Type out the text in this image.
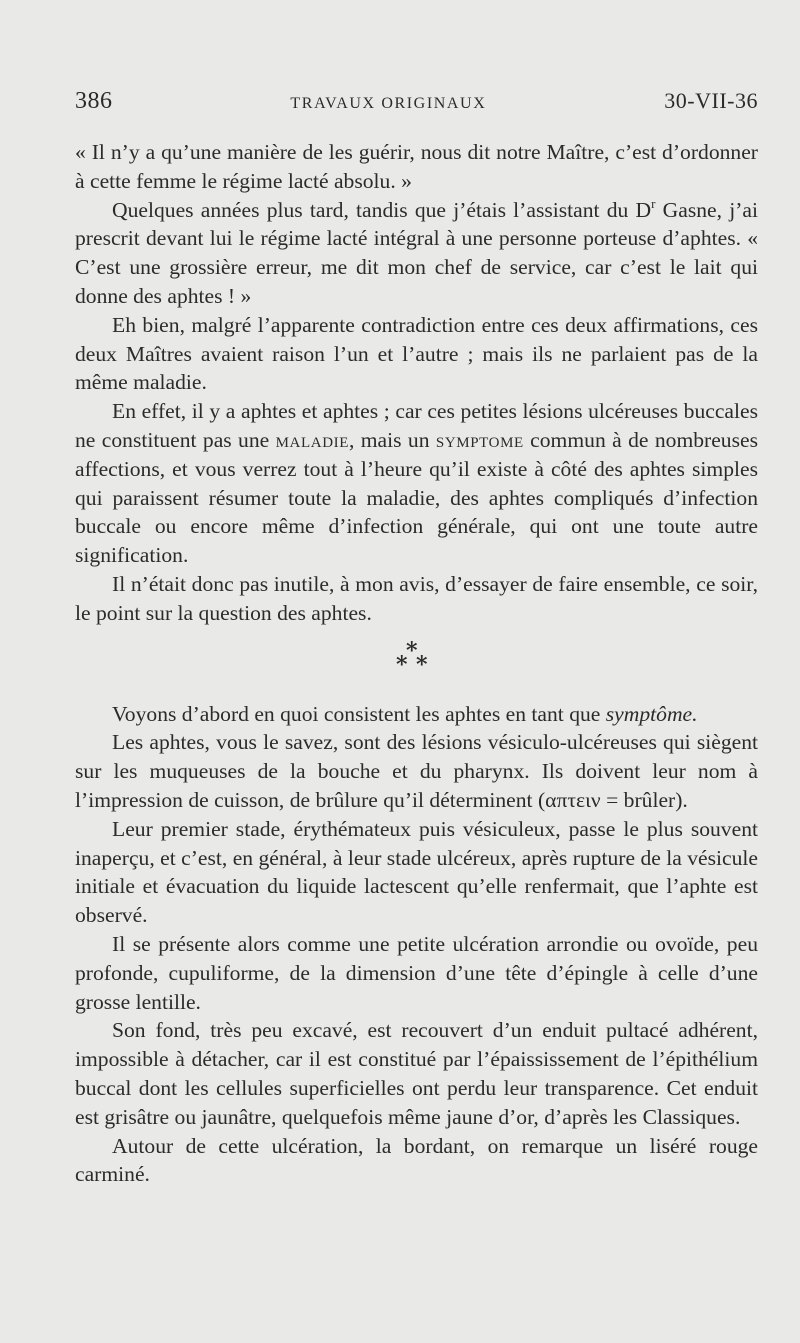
386	TRAVAUX ORIGINAUX	30-VII-36

« Il n’y a qu’une manière de les guérir, nous dit notre Maître, c’est d’ordonner à cette femme le régime lacté absolu. »

Quelques années plus tard, tandis que j’étais l’assistant du $D^r$ Gasne, j’ai prescrit devant lui le régime lacté intégral à une personne porteuse d’aphtes. « C’est une grossière erreur, me dit mon chef de service, car c’est le lait qui donne des aphtes ! »

Eh bien, malgré l’apparente contradiction entre ces deux affirmations, ces deux Maîtres avaient raison l’un et l’autre ; mais ils ne parlaient pas de la même maladie.

En effet, il y a aphtes et aphtes ; car ces petites lésions ulcéreuses buccales ne constituent pas une maladie, mais un symptome commun à de nombreuses affections, et vous verrez tout à l’heure qu’il existe à côté des aphtes simples qui paraissent résumer toute la maladie, des aphtes compliqués d’infection buccale ou encore même d’infection générale, qui ont une toute autre signification.

Il n’était donc pas inutile, à mon avis, d’essayer de faire ensemble, ce soir, le point sur la question des aphtes.

*
* *

Voyons d’abord en quoi consistent les aphtes en tant que symptôme.

Les aphtes, vous le savez, sont des lésions vésiculo-ulcéreuses qui siègent sur les muqueuses de la bouche et du pharynx. Ils doivent leur nom à l’impression de cuisson, de brûlure qu’il déterminent (απτειν = brûler).

Leur premier stade, érythémateux puis vésiculeux, passe le plus souvent inaperçu, et c’est, en général, à leur stade ulcéreux, après rupture de la vésicule initiale et évacuation du liquide lactescent qu’elle renfermait, que l’aphte est observé.

Il se présente alors comme une petite ulcération arrondie ou ovoïde, peu profonde, cupuliforme, de la dimension d’une tête d’épingle à celle d’une grosse lentille.

Son fond, très peu excavé, est recouvert d’un enduit pultacé adhérent, impossible à détacher, car il est constitué par l’épaississement de l’épithélium buccal dont les cellules superficielles ont perdu leur transparence. Cet enduit est grisâtre ou jaunâtre, quelquefois même jaune d’or, d’après les Classiques.

Autour de cette ulcération, la bordant, on remarque un liséré rouge carminé.
